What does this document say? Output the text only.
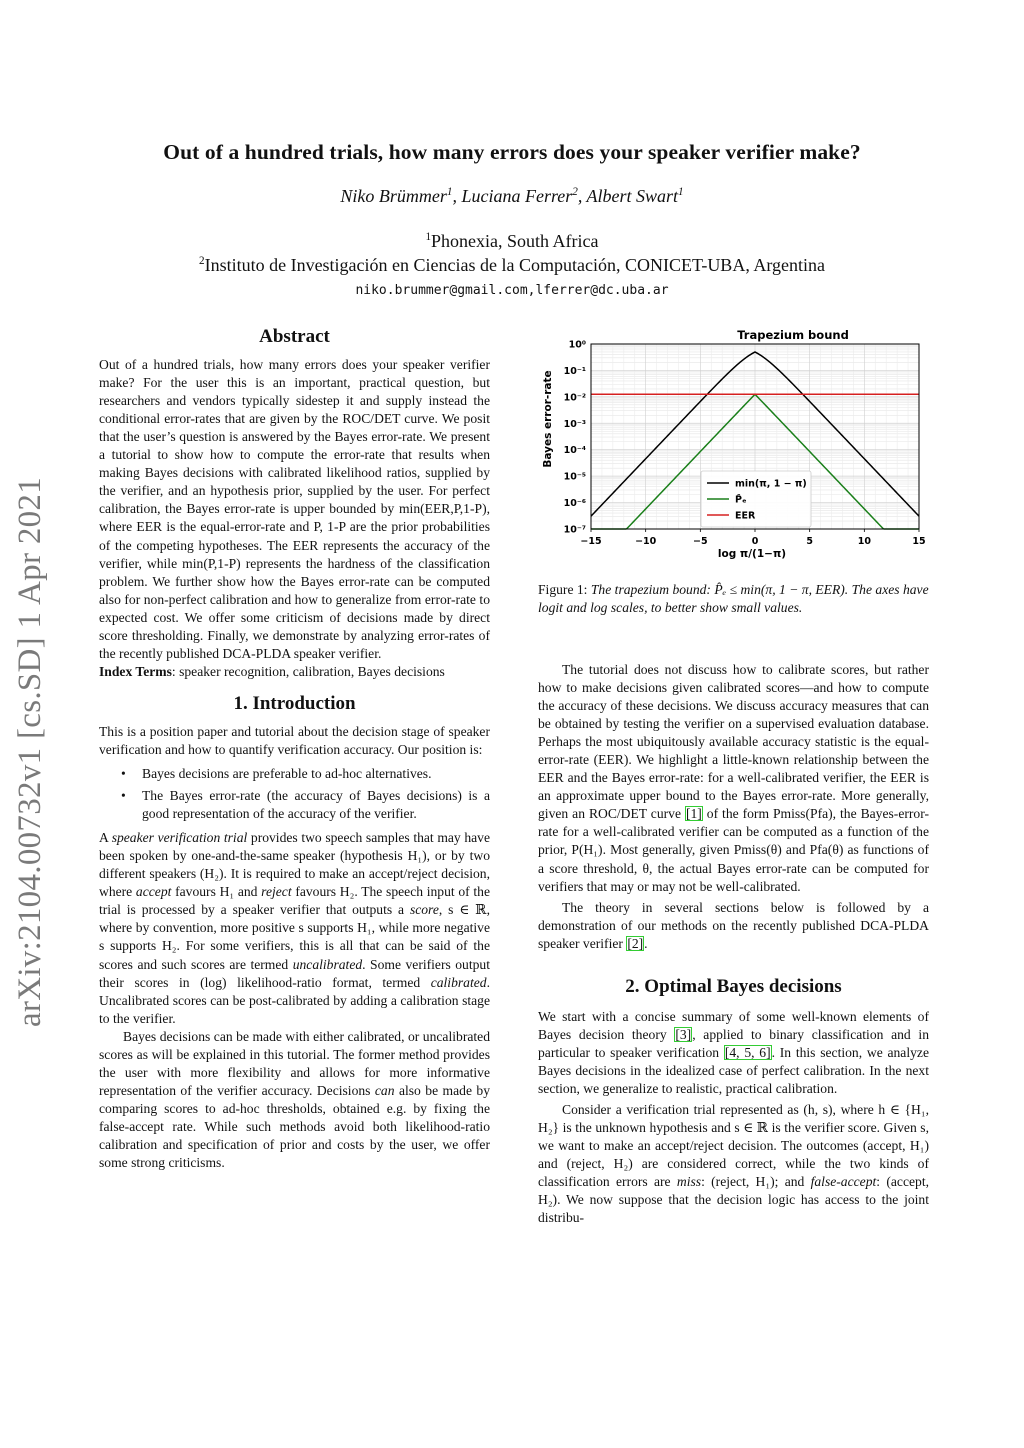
Out of a hundred trials, how many errors does your speaker verifier make?
Niko Brümmer$^1$, Luciana Ferrer$^2$, Albert Swart$^1$
$^1$Phonexia, South Africa
$^2$Instituto de Investigación en Ciencias de la Computación, CONICET-UBA, Argentina
niko.brummer@gmail.com,lferrer@dc.uba.ar
arXiv:2104.00732v1 [cs.SD] 1 Apr 2021
Abstract

Out of a hundred trials, how many errors does your speaker verifier make? For the user this is an important, practical question, but researchers and vendors typically sidestep it and supply instead the conditional error-rates that are given by the ROC/DET curve. We posit that the user’s question is answered by the Bayes error-rate. We present a tutorial to show how to compute the error-rate that results when making Bayes decisions with calibrated likelihood ratios, supplied by the verifier, and an hypothesis prior, supplied by the user. For perfect calibration, the Bayes error-rate is upper bounded by min(EER,P,1-P), where EER is the equal-error-rate and P, 1-P are the prior probabilities of the competing hypotheses. The EER represents the accuracy of the verifier, while min(P,1-P) represents the hardness of the classification problem. We further show how the Bayes error-rate can be computed also for non-perfect calibration and how to generalize from error-rate to expected cost. We offer some criticism of decisions made by direct score thresholding. Finally, we demonstrate by analyzing error-rates of the recently published DCA-PLDA speaker verifier.

Index Terms: speaker recognition, calibration, Bayes decisions

1. Introduction

This is a position paper and tutorial about the decision stage of speaker verification and how to quantify verification accuracy. Our position is:

• Bayes decisions are preferable to ad-hoc alternatives.
• The Bayes error-rate (the accuracy of Bayes decisions) is a good representation of the accuracy of the verifier.

A speaker verification trial provides two speech samples that may have been spoken by one-and-the-same speaker (hypothesis H₁), or by two different speakers (H₂). It is required to make an accept/reject decision, where accept favours H₁ and reject favours H₂. The speech input of the trial is processed by a speaker verifier that outputs a score, s ∈ ℝ, where by convention, more positive s supports H₁, while more negative s supports H₂. For some verifiers, this is all that can be said of the scores and such scores are termed uncalibrated. Some verifiers output their scores in (log) likelihood-ratio format, termed calibrated. Uncalibrated scores can be post-calibrated by adding a calibration stage to the verifier.

Bayes decisions can be made with either calibrated, or uncalibrated scores as will be explained in this tutorial. The former method provides the user with more flexibility and allows for more informative representation of the verifier accuracy. Decisions can also be made by comparing scores to ad-hoc thresholds, obtained e.g. by fixing the false-accept rate. While such methods avoid both likelihood-ratio calibration and specification of prior and costs by the user, we offer some strong criticisms.

Trapezium bound
10⁰
10⁻¹
10⁻²
10⁻³
10⁻⁴
10⁻⁵
10⁻⁶
10⁻⁷
−15	−10	−5	0	5	10	15
min(π, 1 − π)
P̂ₑ
EER
Bayes error-rate
log π/(1−π)
Figure 1: The trapezium bound: P̂ₑ ≤ min(π, 1 − π, EER). The axes have logit and log scales, to better show small values.

The tutorial does not discuss how to calibrate scores, but rather how to make decisions given calibrated scores—and how to compute the accuracy of these decisions. We discuss accuracy measures that can be obtained by testing the verifier on a supervised evaluation database. Perhaps the most ubiquitously available accuracy statistic is the equal-error-rate (EER). We highlight a little-known relationship between the EER and the Bayes error-rate: for a well-calibrated verifier, the EER is an approximate upper bound to the Bayes error-rate. More generally, given an ROC/DET curve [1] of the form Pmiss(Pfa), the Bayes-error-rate for a well-calibrated verifier can be computed as a function of the prior, P(H₁). Most generally, given Pmiss(θ) and Pfa(θ) as functions of a score threshold, θ, the actual Bayes error-rate can be computed for verifiers that may or may not be well-calibrated.

The theory in several sections below is followed by a demonstration of our methods on the recently published DCA-PLDA speaker verifier [2].

2. Optimal Bayes decisions

We start with a concise summary of some well-known elements of Bayes decision theory [3], applied to binary classification and in particular to speaker verification [4, 5, 6]. In this section, we analyze Bayes decisions in the idealized case of perfect calibration. In the next section, we generalize to realistic, practical calibration.

Consider a verification trial represented as (h, s), where h ∈ {H₁, H₂} is the unknown hypothesis and s ∈ ℝ is the verifier score. Given s, we want to make an accept/reject decision. The outcomes (accept, H₁) and (reject, H₂) are considered correct, while the two kinds of classification errors are miss: (reject, H₁); and false-accept: (accept, H₂). We now suppose that the decision logic has access to the joint distribu-
